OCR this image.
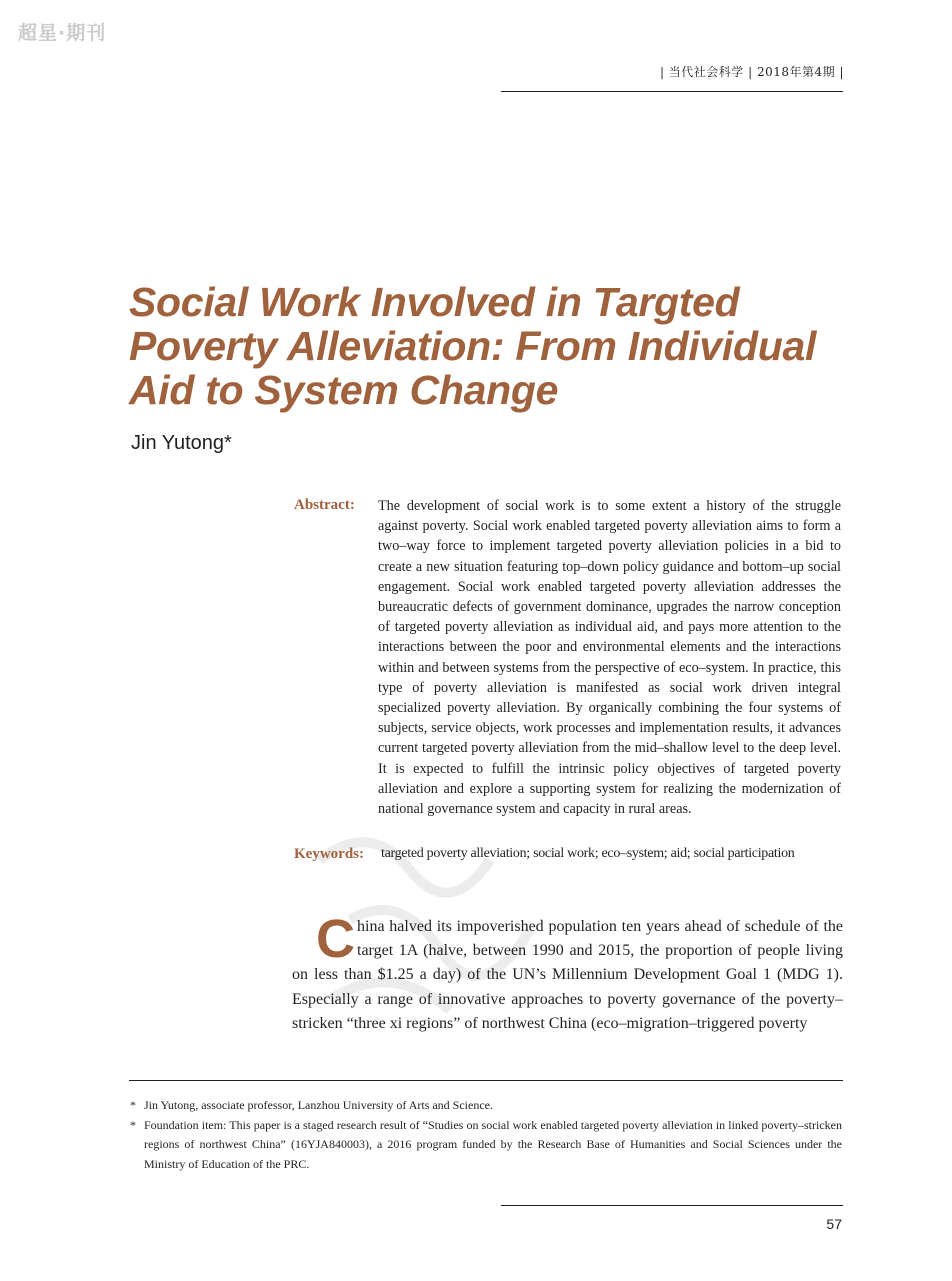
超星·期刊
| 当代社会科学 | 2018年第4期 |
Social Work Involved in Targted Poverty Alleviation: From Individual Aid to System Change
Jin Yutong*
Abstract: The development of social work is to some extent a history of the struggle against poverty. Social work enabled targeted poverty alleviation aims to form a two–way force to implement targeted poverty alleviation policies in a bid to create a new situation featuring top–down policy guidance and bottom–up social engagement. Social work enabled targeted poverty alleviation addresses the bureaucratic defects of government dominance, upgrades the narrow conception of targeted poverty alleviation as individual aid, and pays more attention to the interactions between the poor and environmental elements and the interactions within and between systems from the perspective of eco–system. In practice, this type of poverty alleviation is manifested as social work driven integral specialized poverty alleviation. By organically combining the four systems of subjects, service objects, work processes and implementation results, it advances current targeted poverty alleviation from the mid–shallow level to the deep level. It is expected to fulfill the intrinsic policy objectives of targeted poverty alleviation and explore a supporting system for realizing the modernization of national governance system and capacity in rural areas.

Keywords: targeted poverty alleviation; social work; eco–system; aid; social participation

China halved its impoverished population ten years ahead of schedule of the target 1A (halve, between 1990 and 2015, the proportion of people living on less than $1.25 a day) of the UN’s Millennium Development Goal 1 (MDG 1). Especially a range of innovative approaches to poverty governance of the poverty–stricken “three xi regions” of northwest China (eco–migration–triggered poverty

* Jin Yutong, associate professor, Lanzhou University of Arts and Science.
* Foundation item: This paper is a staged research result of “Studies on social work enabled targeted poverty alleviation in linked poverty–stricken regions of northwest China” (16YJA840003), a 2016 program funded by the Research Base of Humanities and Social Sciences under the Ministry of Education of the PRC.
57
